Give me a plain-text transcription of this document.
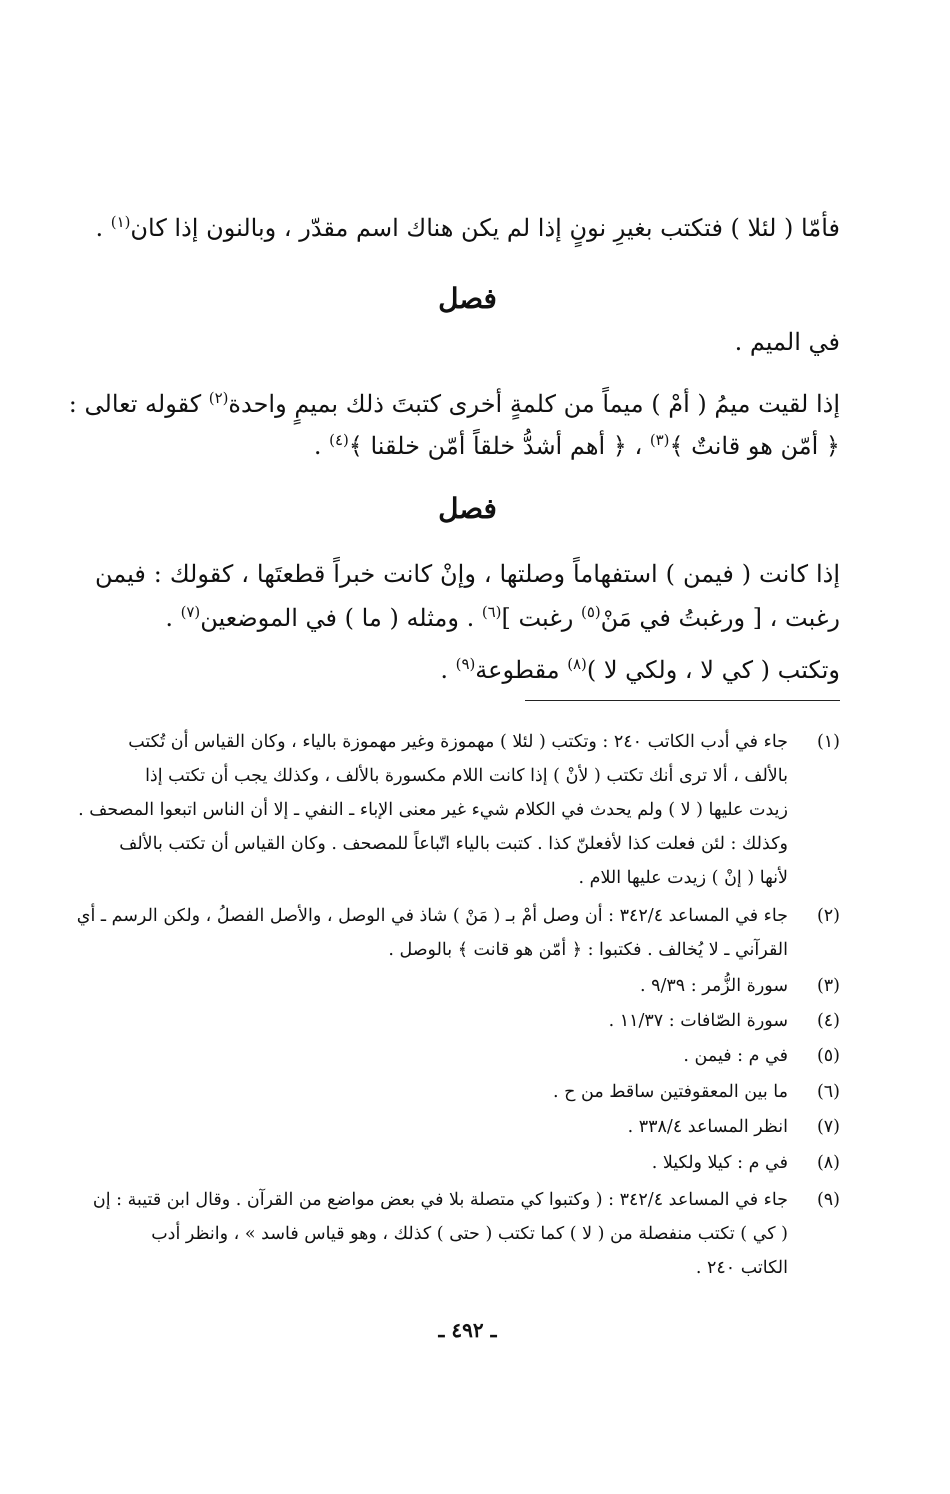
فأمّا ( لئلا ) فتكتب بغيرِ نونٍ إذا لم يكن هناك اسم مقدّر ، وبالنون إذا كان$^{(١)}$ .
فصل
في الميم .
إذا لقيت ميمُ ( أمْ ) ميماً من كلمةٍ أخرى كتبتَ ذلك بميمٍ واحدة$^{(٢)}$ كقوله تعالى :
﴿ أمّن هو قانتٌ ﴾$^{(٣)}$ ، ﴿ أهم أشدُّ خلقاً أمّن خلقنا ﴾$^{(٤)}$ .
فصل
إذا كانت ( فيمن ) استفهاماً وصلتها ، وإنْ كانت خبراً قطعتَها ، كقولك : فيمن
رغبت ، [ ورغبتُ في مَنْ$^{(٥)}$ رغبت ]$^{(٦)}$ . ومثله ( ما ) في الموضعين$^{(٧)}$ .
وتكتب ( كي لا ، ولكي لا )$^{(٨)}$ مقطوعة$^{(٩)}$ .
(١)
جاء في أدب الكاتب ٢٤٠ : وتكتب ( لئلا ) مهموزة وغير مهموزة بالياء ، وكان القياس أن تُكتب
بالألف ، ألا ترى أنك تكتب ( لأنْ ) إذا كانت اللام مكسورة بالألف ، وكذلك يجب أن تكتب إذا
زيدت عليها ( لا ) ولم يحدث في الكلام شيء غير معنى الإباء ـ النفي ـ إلا أن الناس اتبعوا المصحف .
وكذلك : لئن فعلت كذا لأفعلنّ كذا . كتبت بالياء اتّباعاً للمصحف . وكان القياس أن تكتب بالألف
لأنها ( إنْ ) زيدت عليها اللام .
(٢)
جاء في المساعد ٣٤٢/٤ : أن وصل أمْ بـ ( مَنْ ) شاذ في الوصل ، والأصل الفصلُ ، ولكن الرسم ـ أي
القرآني ـ لا يُخالف . فكتبوا : ﴿ أمّن هو قانت ﴾ بالوصل .
(٣)
سورة الزُّمر : ٩/٣٩ .
(٤)
سورة الصّافات : ١١/٣٧ .
(٥)
في م : فيمن .
(٦)
ما بين المعقوفتين ساقط من ح .
(٧)
انظر المساعد ٣٣٨/٤ .
(٨)
في م : كيلا ولكيلا .
(٩)
جاء في المساعد ٣٤٢/٤ : ( وكتبوا كي متصلة بلا في بعض مواضع من القرآن . وقال ابن قتيبة : إن
( كي ) تكتب منفصلة من ( لا ) كما تكتب ( حتى ) كذلك ، وهو قياس فاسد » ، وانظر أدب
الكاتب ٢٤٠ .
ـ ٤٩٢ ـ
